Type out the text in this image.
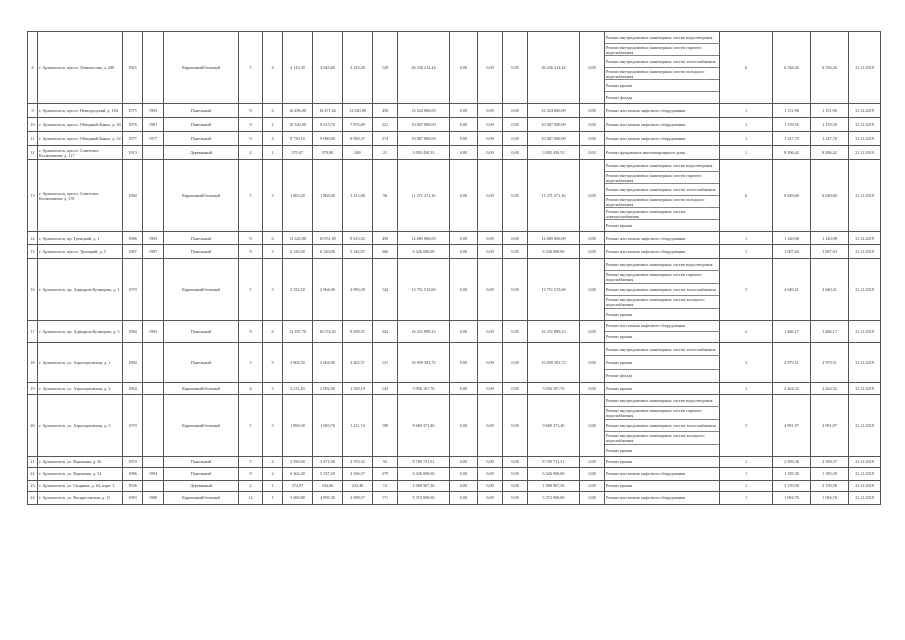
8	г. Архангельск, просп. Ломоносова, д. 209	1965		Кирпичный/блочный	5	4	4 143,30	3 643,60	3 243,20	129	26 236 214,44	0,00	0,00	0,00	26 236 214,44	0,00	Ремонт внутридомовых инженерных систем водоотведения	6	6 336,26	6 336,26	31.12.2019
																	Ремонт внутридомовых инженерных систем горячего водоснабжения				
																	Ремонт внутридомовых инженерных систем теплоснабжения				
																	Ремонт внутридомовых инженерных систем холодного водоснабжения				
																	Ремонт крыши				
																	Ремонт фасада				
9	г. Архангельск, просп. Новгородский, д. 184	1975	1993	Панельный	9	4	16 496,00	16 471,02	13 020,00	456	16 324 000,00	0,00	0,00	0,00	16 324 000,00	0,00	Ремонт или замена лифтового оборудования	1	1 151,96	1 151,96	31.12.2019
10	г. Архангельск, просп. Обводный Канал, д. 40	1976	1991	Панельный	9	2	10 320,00	9 613,70	7 872,69	321	10 007 000,00	0,00	0,00	0,00	10 007 000,00	0,00	Ремонт или замена лифтового оборудования	1	1 139,56	1 139,56	31.12.2019
11	г. Архангельск, просп. Обводный Канал, д. 52	1977	1977	Панельный	9	4	8 730,10	9 090,00	6 950,37	274	10 007 000,00	0,00	0,00	0,00	10 007 000,00	0,00	Ремонт или замена лифтового оборудования	1	1 147,70	1 147,70	31.12.2019
12	г. Архангельск, просп. Советских Космонавтов, д. 117	1913		Деревянный	2	1	371,67	379,00	269	21	3 092 430,53	0,00	0,00	0,00	3 092 430,53	0,00	Ремонт фундамента многоквартирного дома	1	8 296,42	8 296,42	31.12.2019
13	г. Архангельск, просп. Советских Космонавтов, д. 191	1960		Кирпичный/блочный	5	3	1 863,20	1 863,00	1 413,00	56	11 271 271,16	0,00	0,00	0,00	11 271 271,16	0,00	Ремонт внутридомовых инженерных систем водоотведения	6	6 049,60	6 049,60	31.12.2019
																	Ремонт внутридомовых инженерных систем горячего водоснабжения				
																	Ремонт внутридомовых инженерных систем теплоснабжения				
																	Ремонт внутридомовых инженерных систем холодного водоснабжения				
																	Ремонт внутридомовых инженерных систем электроснабжения				
																	Ремонт крыши				
14	г. Архангельск, пр. Троицкий, д. 1	1986	1993	Панельный	9	6	13 320,00	10 051,05	9 613,52	439	12 685 000,00	0,00	0,00	0,00	12 685 000,00	0,00	Ремонт или замена лифтового оборудования	1	1 140,98	1 140,98	31.12.2019
15	г. Архангельск, просп. Троицкий, д. 5	1987	1987	Панельный	9	3	6 326,00	6 320,00	5 142,07	266	6 326 000,00	0,00	0,00	0,00	6 326 000,00	0,00	Ремонт или замена лифтового оборудования	1	1 007,04	1 007,04	31.12.2019
16	г. Архангельск, пр. Адмирала Кузнецова, д. 1	1970		Кирпичный/блочный	5	3	3 332,50	2 964,00	2 093,30	142	13 751 515,66	0,00	0,00	0,00	13 751 515,66	0,00	Ремонт внутридомовых инженерных систем водоотведения	5	4 640,21	4 640,21	31.12.2019
																	Ремонт внутридомовых инженерных систем горячего водоснабжения				
																	Ремонт внутридомовых инженерных систем теплоснабжения				
																	Ремонт внутридомовых инженерных систем холодного водоснабжения				
																	Ремонт крыши				
17	г. Архангельск, пр. Адмирала Кузнецова, д. 3	1984	1993	Панельный	9	6	12 167,70	10 574,02	9 658,51	342	16 231 899,23	0,00	0,00	0,00	16 231 899,23	0,00	Ремонт или замена лифтового оборудования	2	1 486,17	1 486,17	31.12.2019
																	Ремонт крыши				
18	г. Архангельск, ул. Аэропортовская, д. 1	1960		Панельный	5	5	3 804,50	3 604,00	3 202,71	131	16 059 393,72	0,00	0,00	0,00	16 059 393,72	0,00	Ремонт внутридомовых инженерных систем теплоснабжения	3	4 979,51	4 979,51	31.12.2019
																	Ремонт крыши				
																	Ремонт фасада				
19	г. Архангельск, ул. Аэропортовская, д. 2	1964		Кирпичный/блочный	4	3	2 211,40	2 092,00	1 529,10	143	3 056 167,76	0,00	0,00	0,00	3 056 167,76	0,00	Ремонт крыши	1	2 264,32	2 264,32	31.12.2019
20	г. Архангельск, ул. Аэропортовская, д. 3	1970		Кирпичный/блочный	5	3	1 890,30	1 683,70	1 211,74	109	9 660 371,40	0,00	0,00	0,00	9 660 371,40	0,00	Ремонт внутридомовых инженерных систем водоотведения	5	4 991,97	4 991,97	31.12.2019
																	Ремонт внутридомовых инженерных систем горячего водоснабжения				
																	Ремонт внутридомовых инженерных систем теплоснабжения				
																	Ремонт внутридомовых инженерных систем холодного водоснабжения				
																	Ремонт крыши				
21	г. Архангельск, ул. Воронина, д. 26	1970		Панельный	5	4	3 936,00	3 471,00	2 703,32	92	8 709 731,51	0,00	0,00	0,00	8 709 731,51	0,00	Ремонт крыши	1	2 509,36	2 509,37	31.12.2019
22	г. Архангельск, ул. Воронина, д. 32	1986	1994	Панельный	9	2	6 362,40	5 337,20	4 166,37	279	6 326 000,00	0,00	0,00	0,00	6 326 000,00	0,00	Ремонт или замена лифтового оборудования	1	1 185,30	1 185,30	31.12.2019
23	г. Архангельск, ул. Гагарина, д. 64, корп. 3	1936		Деревянный	2	1	373,97	334,60	233,40	13	1 068 967,36	0,00	0,00	0,00	1 068 967,36	0,00	Ремонт крыши	1	3 159,58	3 159,58	31.12.2019
24	г. Архангельск, ул. Воскресенская, д. 11	1983	1980	Кирпичный/блочный	12	1	5 683,80	4 895,30	2 098,57	171	5 372 000,00	0,00	0,00	0,00	5 372 000,00	0,00	Ремонт или замена лифтового оборудования	1	1 094,76	1 094,76	31.12.2019
